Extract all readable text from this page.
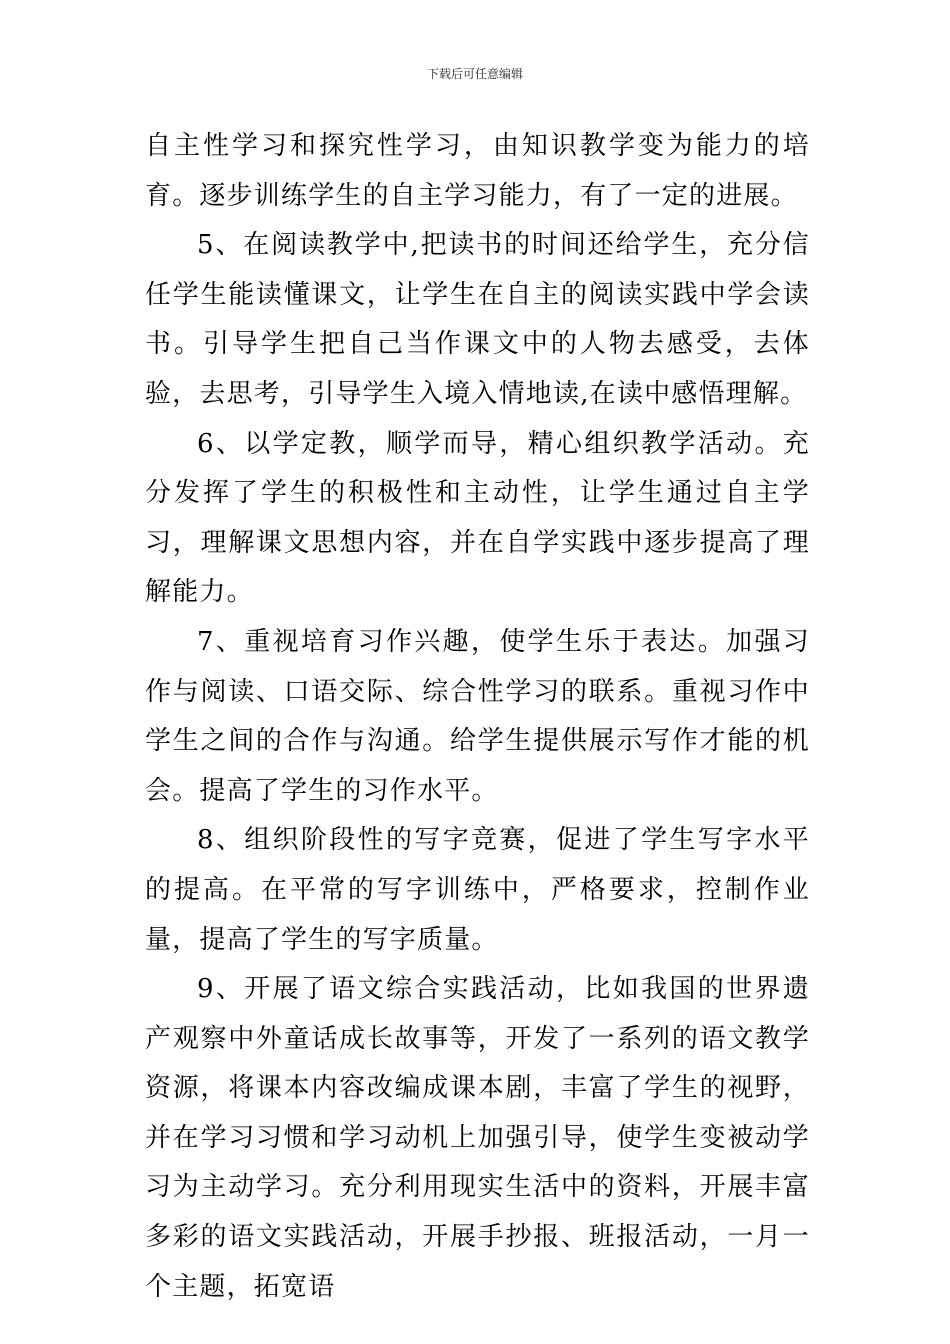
下载后可任意编辑

自主性学习和探究性学习，由知识教学变为能力的培育。逐步训练学生的自主学习能力，有了一定的进展。

5、在阅读教学中,把读书的时间还给学生，充分信任学生能读懂课文，让学生在自主的阅读实践中学会读书。引导学生把自己当作课文中的人物去感受，去体验，去思考，引导学生入境入情地读,在读中感悟理解。

6、以学定教，顺学而导，精心组织教学活动。充分发挥了学生的积极性和主动性，让学生通过自主学习，理解课文思想内容，并在自学实践中逐步提高了理解能力。

7、重视培育习作兴趣，使学生乐于表达。加强习作与阅读、口语交际、综合性学习的联系。重视习作中学生之间的合作与沟通。给学生提供展示写作才能的机会。提高了学生的习作水平。

8、组织阶段性的写字竞赛，促进了学生写字水平的提高。在平常的写字训练中，严格要求，控制作业量，提高了学生的写字质量。

9、开展了语文综合实践活动，比如我国的世界遗产观察中外童话成长故事等，开发了一系列的语文教学资源，将课本内容改编成课本剧，丰富了学生的视野，并在学习习惯和学习动机上加强引导，使学生变被动学习为主动学习。充分利用现实生活中的资料，开展丰富多彩的语文实践活动，开展手抄报、班报活动，一月一个主题，拓宽语
